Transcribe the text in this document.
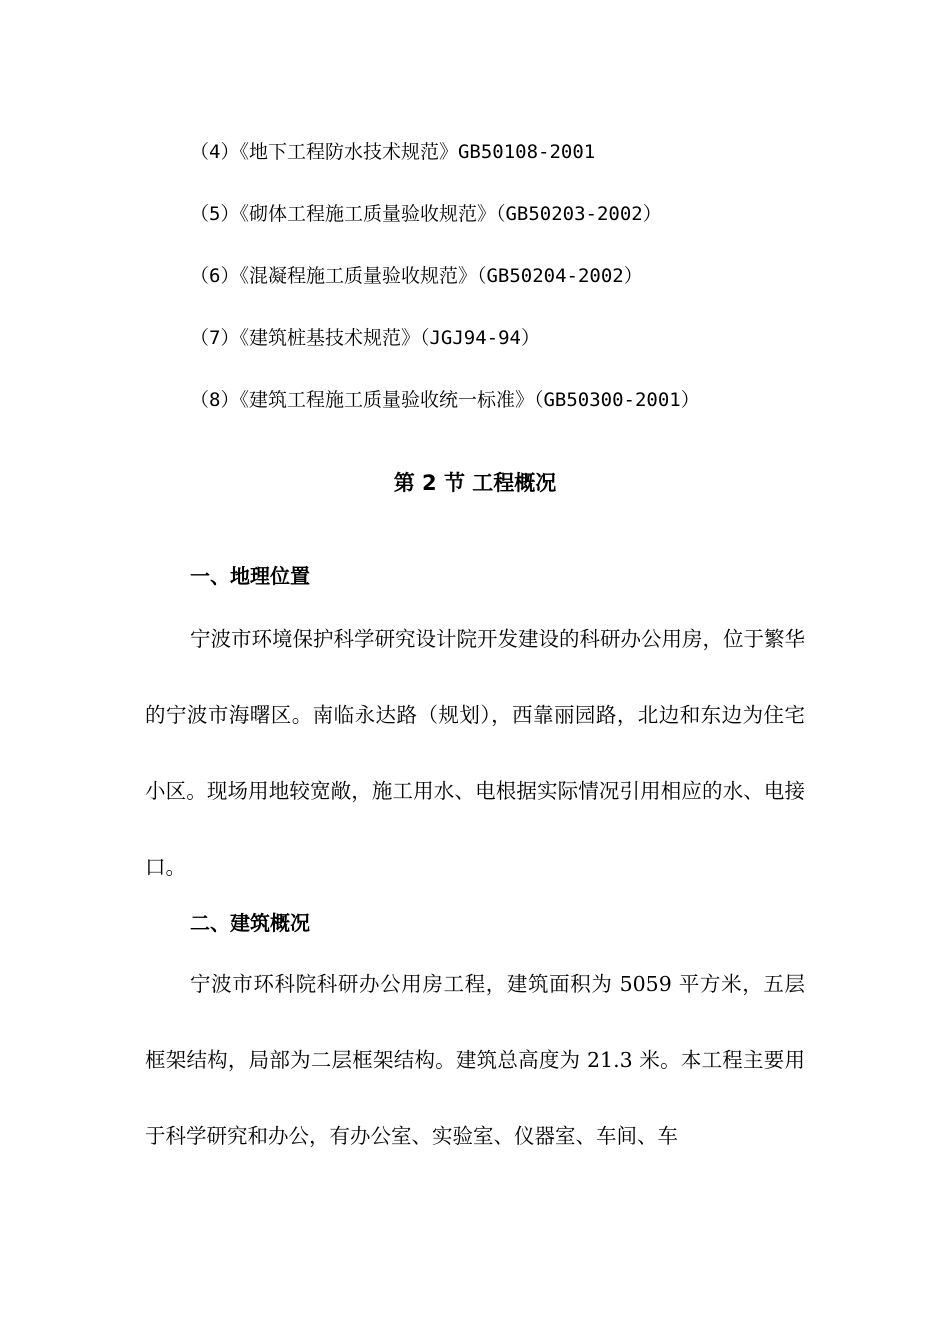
（4）《地下工程防水技术规范》GB50108-2001
（5）《砌体工程施工质量验收规范》（GB50203-2002）
（6）《混凝程施工质量验收规范》（GB50204-2002）
（7）《建筑桩基技术规范》（JGJ94-94）
（8）《建筑工程施工质量验收统一标准》（GB50300-2001）
第 2 节 工程概况
一、地理位置

宁波市环境保护科学研究设计院开发建设的科研办公用房，位于繁华的宁波市海曙区。南临永达路（规划），西靠丽园路，北边和东边为住宅小区。现场用地较宽敞，施工用水、电根据实际情况引用相应的水、电接口。

二、建筑概况

宁波市环科院科研办公用房工程，建筑面积为 5059 平方米，五层框架结构，局部为二层框架结构。建筑总高度为 21.3 米。本工程主要用于科学研究和办公，有办公室、实验室、仪器室、车间、车
